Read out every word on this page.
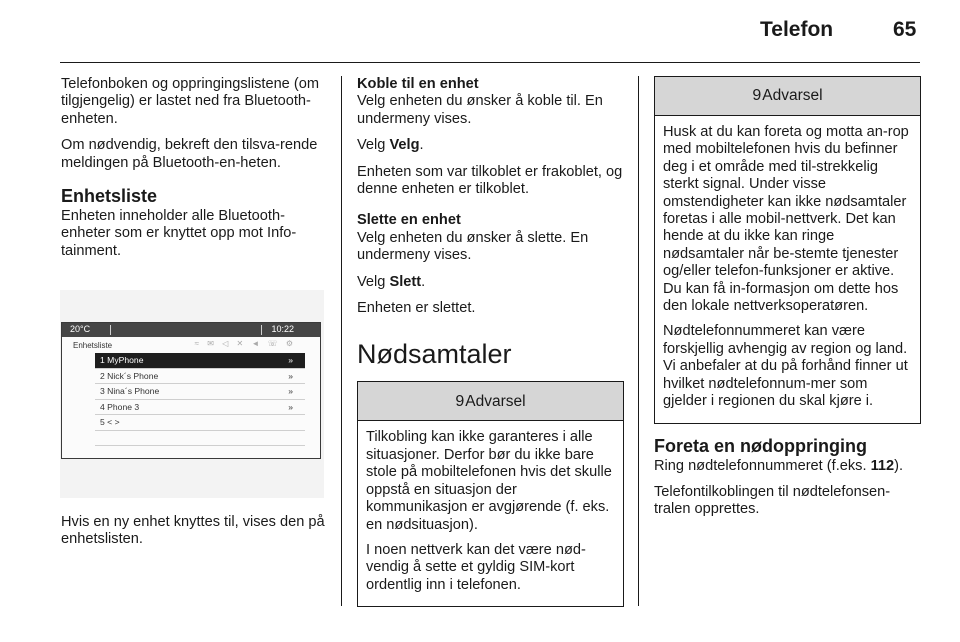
Telefon	65

Telefonboken og oppringingslistene (om tilgjengelig) er lastet ned fra Bluetooth-enheten.

Om nødvendig, bekreft den tilsva-rende meldingen på Bluetooth-en-heten.

Enhetsliste

Enheten inneholder alle Bluetooth-enheter som er knyttet opp mot Info-tainment.

20°C	10:22
Enhetsliste	≈ ✉ ◁ ✕ ◄ ☏ ⚙
1 MyPhone	»
2 Nick´s Phone	»
3 Nina´s Phone	»
4 Phone 3	»
5 < >

Hvis en ny enhet knyttes til, vises den på enhetslisten.

Koble til en enhet

Velg enheten du ønsker å koble til. En undermeny vises.

Velg Velg.

Enheten som var tilkoblet er frakoblet, og denne enheten er tilkoblet.

Slette en enhet

Velg enheten du ønsker å slette. En undermeny vises.

Velg Slett.

Enheten er slettet.

Nødsamtaler
9 Advarsel

Tilkobling kan ikke garanteres i alle situasjoner. Derfor bør du ikke bare stole på mobiltelefonen hvis det skulle oppstå en situasjon der kommunikasjon er avgjørende (f. eks. en nødsituasjon).

I noen nettverk kan det være nød-vendig å sette et gyldig SIM-kort ordentlig inn i telefonen.

9 Advarsel

Husk at du kan foreta og motta an-rop med mobiltelefonen hvis du befinner deg i et område med til-strekkelig sterkt signal. Under visse omstendigheter kan ikke nødsamtaler foretas i alle mobil-nettverk. Det kan hende at du ikke kan ringe nødsamtaler når be-stemte tjenester og/eller telefon-funksjoner er aktive. Du kan få in-formasjon om dette hos den lokale nettverksoperatøren.

Nødtelefonnummeret kan være forskjellig avhengig av region og land. Vi anbefaler at du på forhånd finner ut hvilket nødtelefonnum-mer som gjelder i regionen du skal kjøre i.

Foreta en nødoppringing

Ring nødtelefonnummeret (f.eks. 112).

Telefontilkoblingen til nødtelefonsen-tralen opprettes.
